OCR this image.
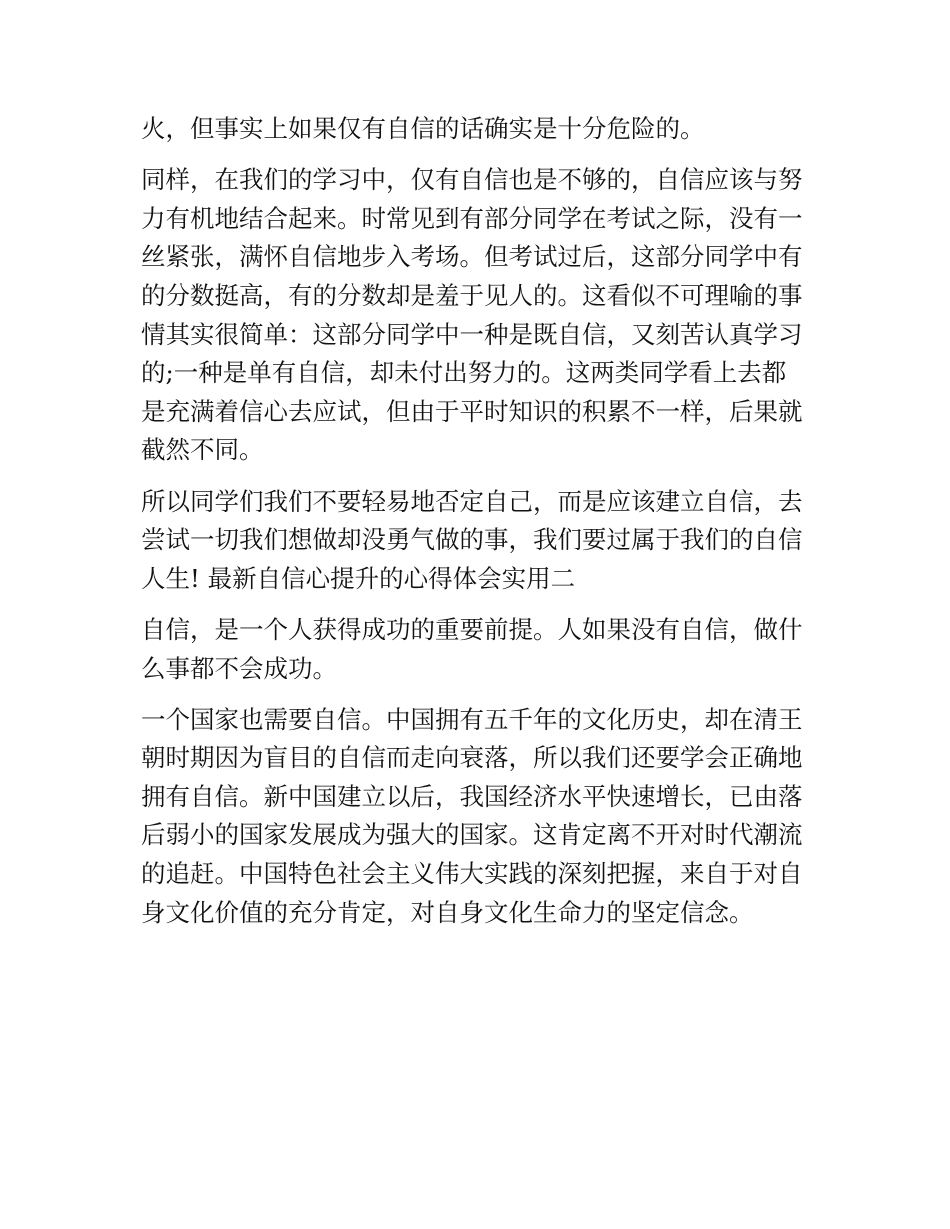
火，但事实上如果仅有自信的话确实是十分危险的。
同样，在我们的学习中，仅有自信也是不够的，自信应该与努
力有机地结合起来。时常见到有部分同学在考试之际，没有一
丝紧张，满怀自信地步入考场。但考试过后，这部分同学中有
的分数挺高，有的分数却是羞于见人的。这看似不可理喻的事
情其实很简单：这部分同学中一种是既自信，又刻苦认真学习
的;一种是单有自信，却未付出努力的。这两类同学看上去都
是充满着信心去应试，但由于平时知识的积累不一样，后果就
截然不同。
所以同学们我们不要轻易地否定自己，而是应该建立自信，去
尝试一切我们想做却没勇气做的事，我们要过属于我们的自信
人生! 最新自信心提升的心得体会实用二
自信，是一个人获得成功的重要前提。人如果没有自信，做什
么事都不会成功。
一个国家也需要自信。中国拥有五千年的文化历史，却在清王
朝时期因为盲目的自信而走向衰落，所以我们还要学会正确地
拥有自信。新中国建立以后，我国经济水平快速增长，已由落
后弱小的国家发展成为强大的国家。这肯定离不开对时代潮流
的追赶。中国特色社会主义伟大实践的深刻把握，来自于对自
身文化价值的充分肯定，对自身文化生命力的坚定信念。
